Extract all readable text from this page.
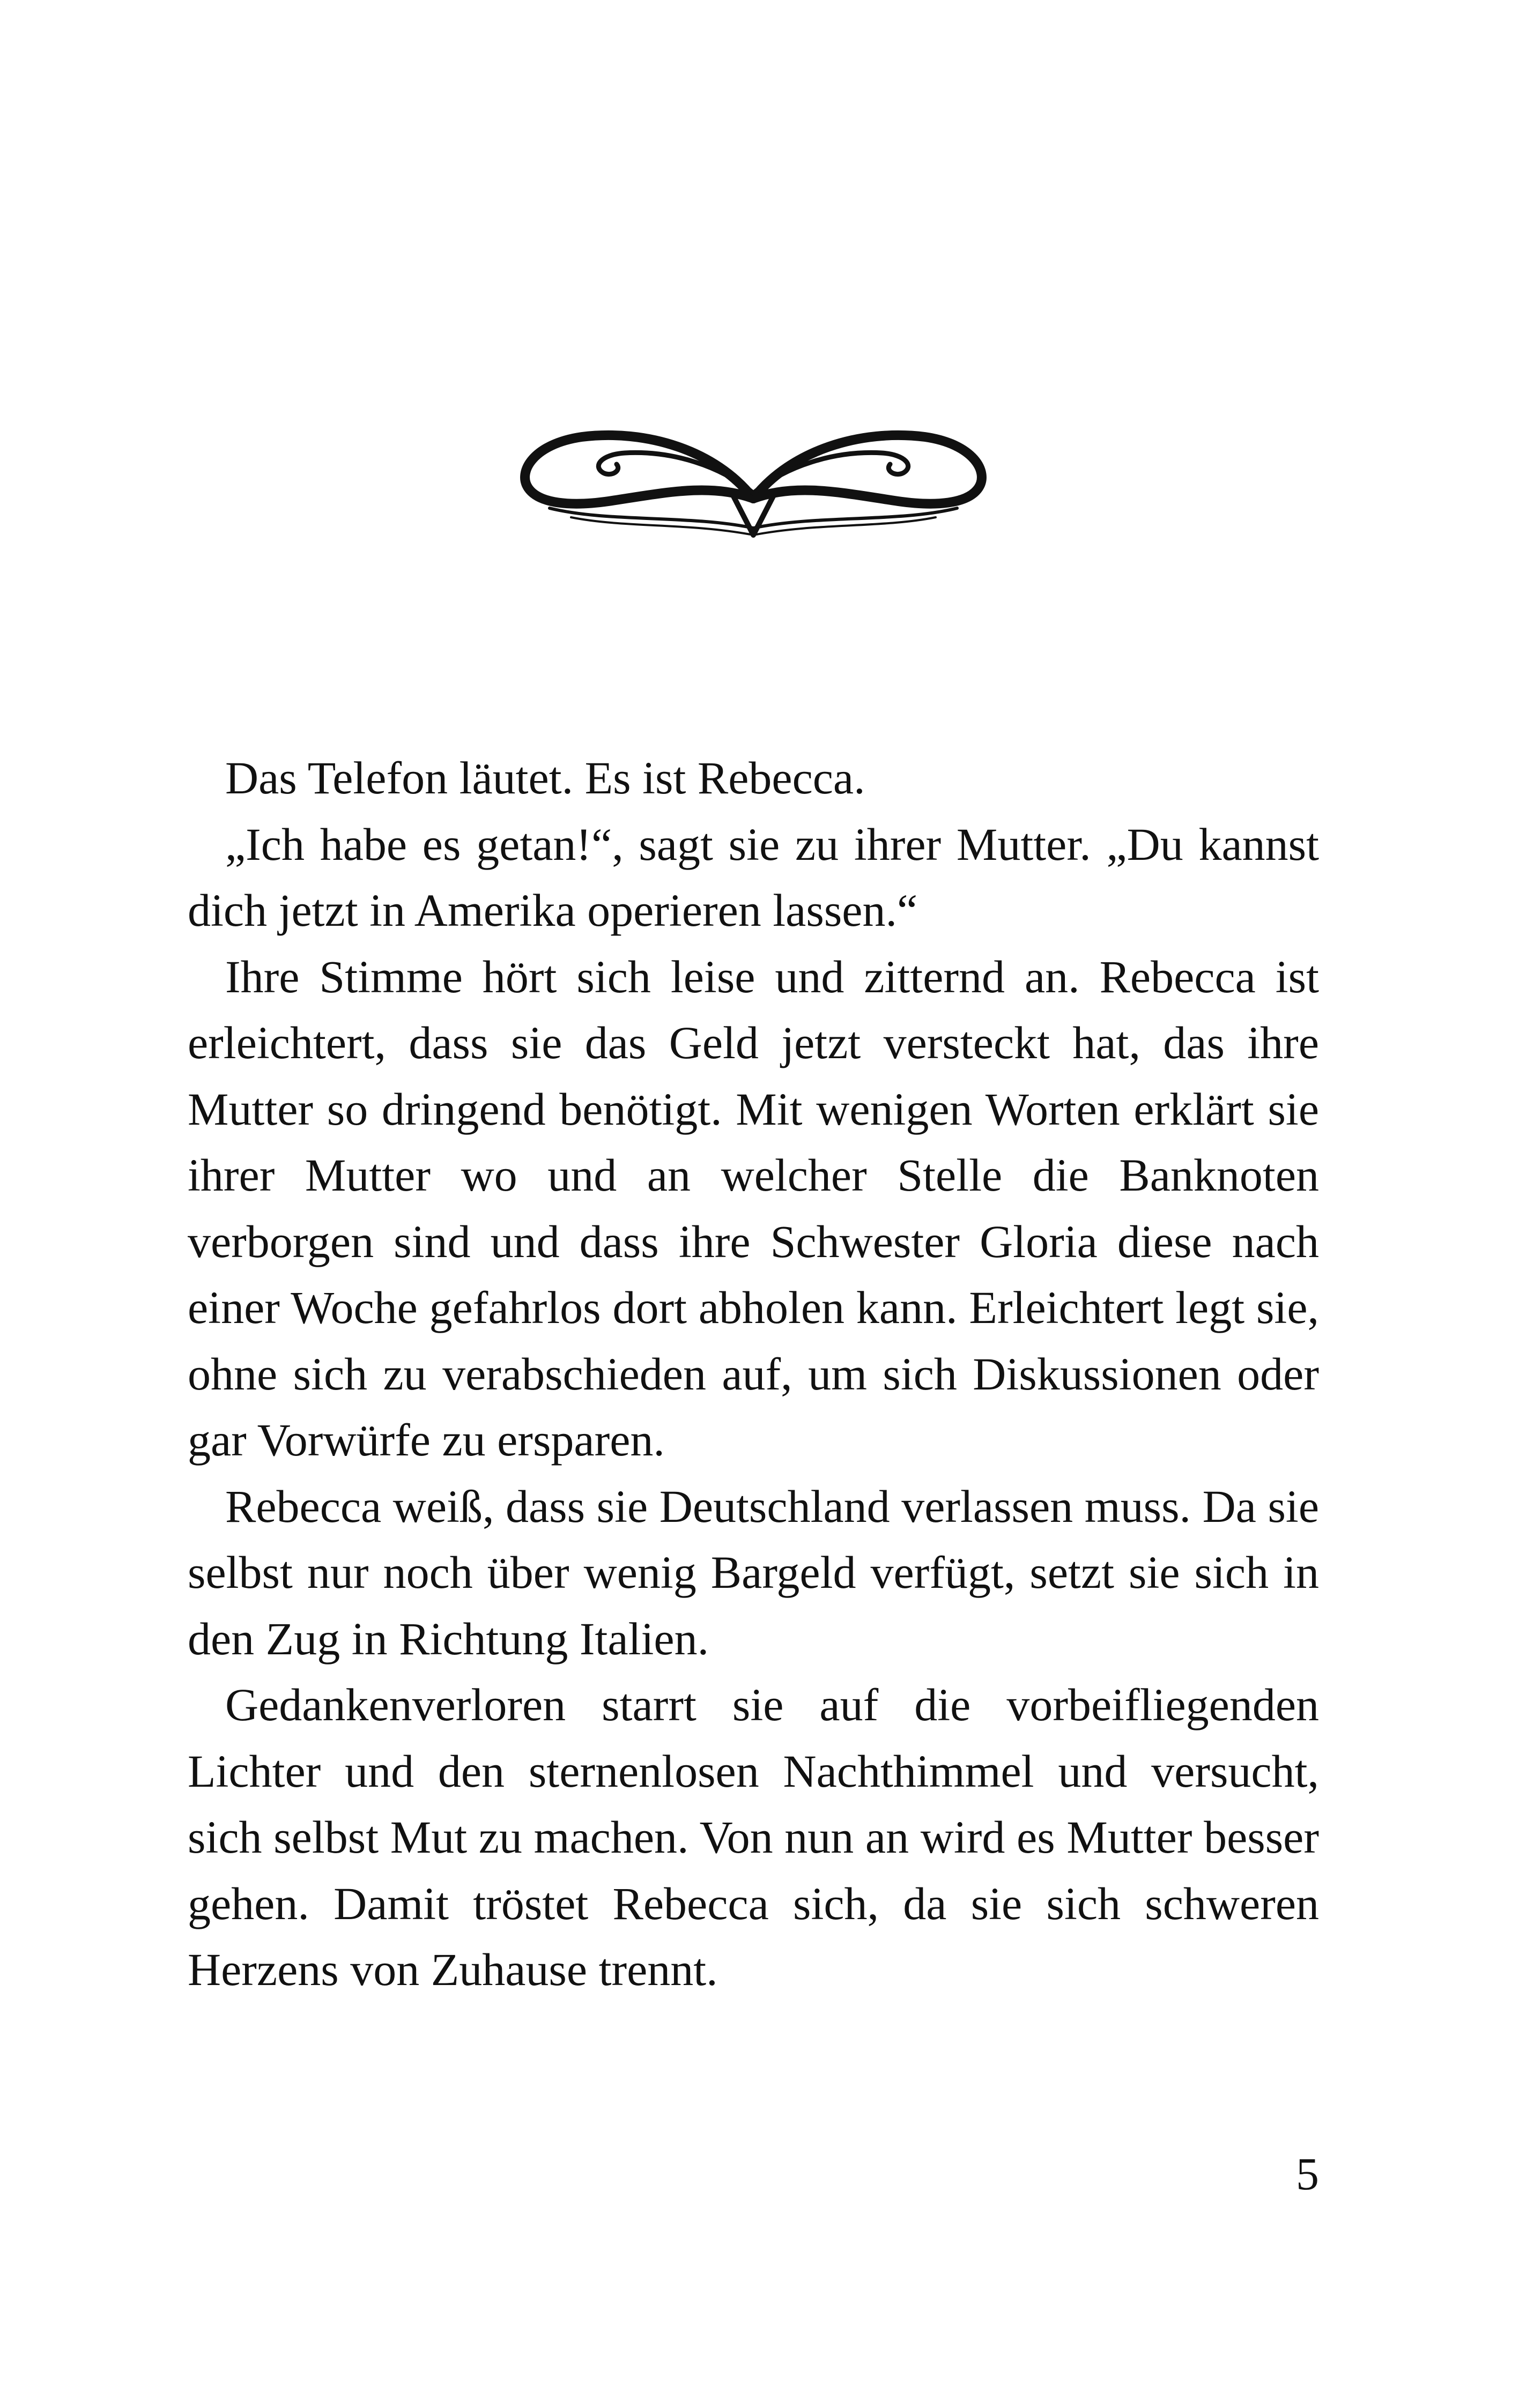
Das Telefon läutet. Es ist Rebecca.

„Ich habe es getan!“, sagt sie zu ihrer Mutter. „Du kannst dich jetzt in Amerika operieren lassen.“

Ihre Stimme hört sich leise und zitternd an. Rebecca ist erleichtert, dass sie das Geld jetzt versteckt hat, das ihre Mutter so dringend benötigt. Mit wenigen Worten erklärt sie ihrer Mutter wo und an welcher Stelle die Banknoten verborgen sind und dass ihre Schwester Gloria diese nach einer Woche gefahrlos dort abholen kann. Erleichtert legt sie, ohne sich zu verabschieden auf, um sich Diskussionen oder gar Vorwürfe zu ersparen.

Rebecca weiß, dass sie Deutschland verlassen muss. Da sie selbst nur noch über wenig Bargeld verfügt, setzt sie sich in den Zug in Richtung Italien.

Gedankenverloren starrt sie auf die vorbeifliegenden Lichter und den sternenlosen Nachthimmel und versucht, sich selbst Mut zu machen. Von nun an wird es Mutter besser gehen. Damit tröstet Rebecca sich, da sie sich schweren Herzens von Zuhause trennt.

5
